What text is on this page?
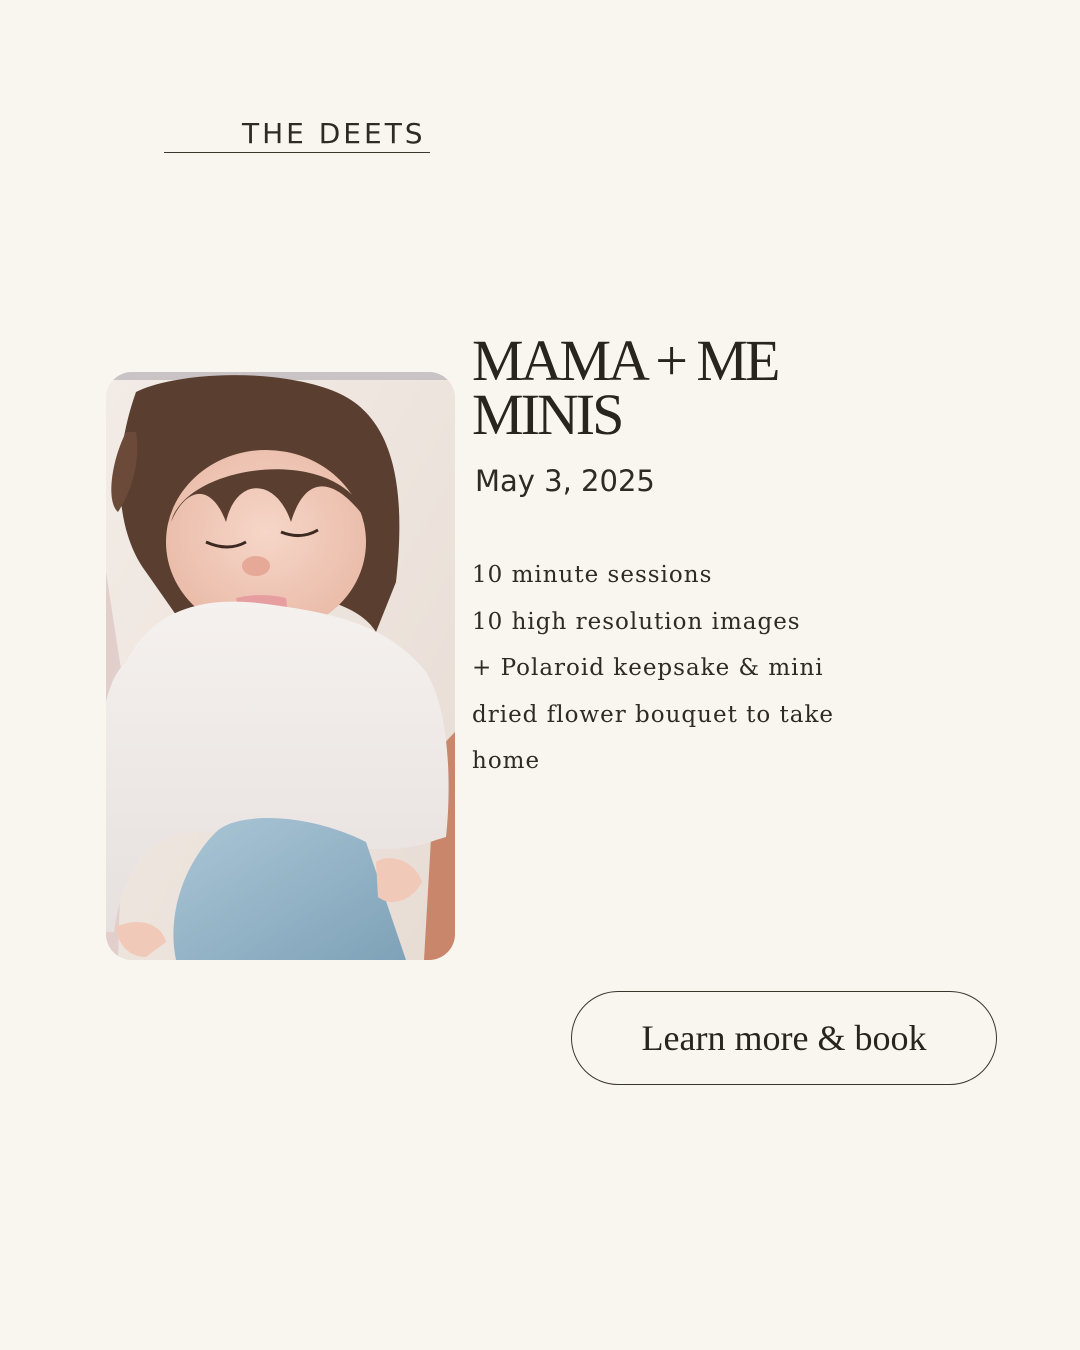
THE DEETS
MAMA + ME MINIS
May 3, 2025
10 minute sessions
10 high resolution images
+ Polaroid keepsake & mini dried flower bouquet to take home
Learn more & book
